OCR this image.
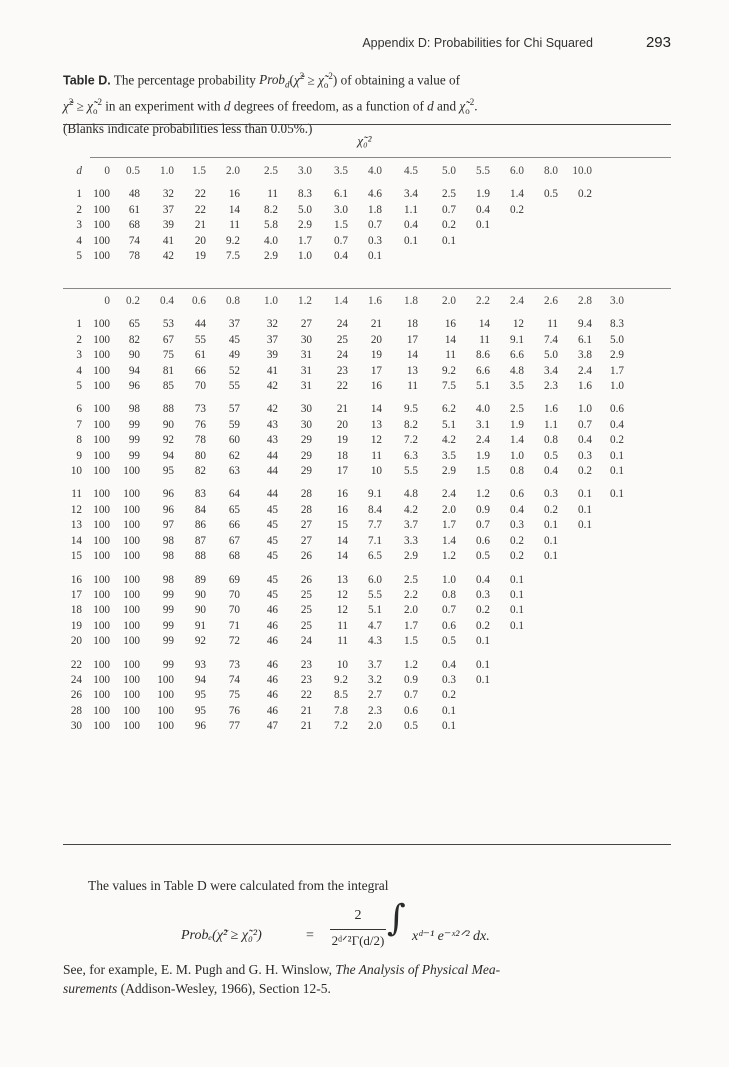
Appendix D: Probabilities for Chi Squared	293
Table D. The percentage probability Prob$_d$(χ̃$^2$ ≥ $\chĩ_o^2$) of obtaining a value of
χ̃$^2$ ≥ $\chĩ_o^2$ in an experiment with d degrees of freedom, as a function of d and $\chĩ_o^2$.
(Blanks indicate probabilities less than 0.05%.)
χ̃₀²
d	0	0.5	1.0	1.5	2.0	2.5	3.0	3.5	4.0	4.5	5.0	5.5	6.0	8.0	10.0	

1	100	48	32	22	16	11	8.3	6.1	4.6	3.4	2.5	1.9	1.4	0.5	0.2	
2	100	61	37	22	14	8.2	5.0	3.0	1.8	1.1	0.7	0.4	0.2			
3	100	68	39	21	11	5.8	2.9	1.5	0.7	0.4	0.2	0.1				
4	100	74	41	20	9.2	4.0	1.7	0.7	0.3	0.1	0.1					
5	100	78	42	19	7.5	2.9	1.0	0.4	0.1							
	0	0.2	0.4	0.6	0.8	1.0	1.2	1.4	1.6	1.8	2.0	2.2	2.4	2.6	2.8	3.0

1	100	65	53	44	37	32	27	24	21	18	16	14	12	11	9.4	8.3
2	100	82	67	55	45	37	30	25	20	17	14	11	9.1	7.4	6.1	5.0
3	100	90	75	61	49	39	31	24	19	14	11	8.6	6.6	5.0	3.8	2.9
4	100	94	81	66	52	41	31	23	17	13	9.2	6.6	4.8	3.4	2.4	1.7
5	100	96	85	70	55	42	31	22	16	11	7.5	5.1	3.5	2.3	1.6	1.0

6	100	98	88	73	57	42	30	21	14	9.5	6.2	4.0	2.5	1.6	1.0	0.6
7	100	99	90	76	59	43	30	20	13	8.2	5.1	3.1	1.9	1.1	0.7	0.4
8	100	99	92	78	60	43	29	19	12	7.2	4.2	2.4	1.4	0.8	0.4	0.2
9	100	99	94	80	62	44	29	18	11	6.3	3.5	1.9	1.0	0.5	0.3	0.1
10	100	100	95	82	63	44	29	17	10	5.5	2.9	1.5	0.8	0.4	0.2	0.1

11	100	100	96	83	64	44	28	16	9.1	4.8	2.4	1.2	0.6	0.3	0.1	0.1
12	100	100	96	84	65	45	28	16	8.4	4.2	2.0	0.9	0.4	0.2	0.1	
13	100	100	97	86	66	45	27	15	7.7	3.7	1.7	0.7	0.3	0.1	0.1	
14	100	100	98	87	67	45	27	14	7.1	3.3	1.4	0.6	0.2	0.1		
15	100	100	98	88	68	45	26	14	6.5	2.9	1.2	0.5	0.2	0.1		

16	100	100	98	89	69	45	26	13	6.0	2.5	1.0	0.4	0.1			
17	100	100	99	90	70	45	25	12	5.5	2.2	0.8	0.3	0.1			
18	100	100	99	90	70	46	25	12	5.1	2.0	0.7	0.2	0.1			
19	100	100	99	91	71	46	25	11	4.7	1.7	0.6	0.2	0.1			
20	100	100	99	92	72	46	24	11	4.3	1.5	0.5	0.1				

22	100	100	99	93	73	46	23	10	3.7	1.2	0.4	0.1				
24	100	100	100	94	74	46	23	9.2	3.2	0.9	0.3	0.1				
26	100	100	100	95	75	46	22	8.5	2.7	0.7	0.2					
28	100	100	100	95	76	46	21	7.8	2.3	0.6	0.1					
30	100	100	100	96	77	47	21	7.2	2.0	0.5	0.1					
The values in Table D were calculated from the integral
Probₑ(χ̃² ≥ χ̃₀²)	=
2
2ᵈᐟ²Γ(d/2)
∫ xᵈ⁻¹ e⁻ˣ²ᐟ² dx.
See, for example, E. M. Pugh and G. H. Winslow, The Analysis of Physical Mea-
surements (Addison-Wesley, 1966), Section 12-5.
